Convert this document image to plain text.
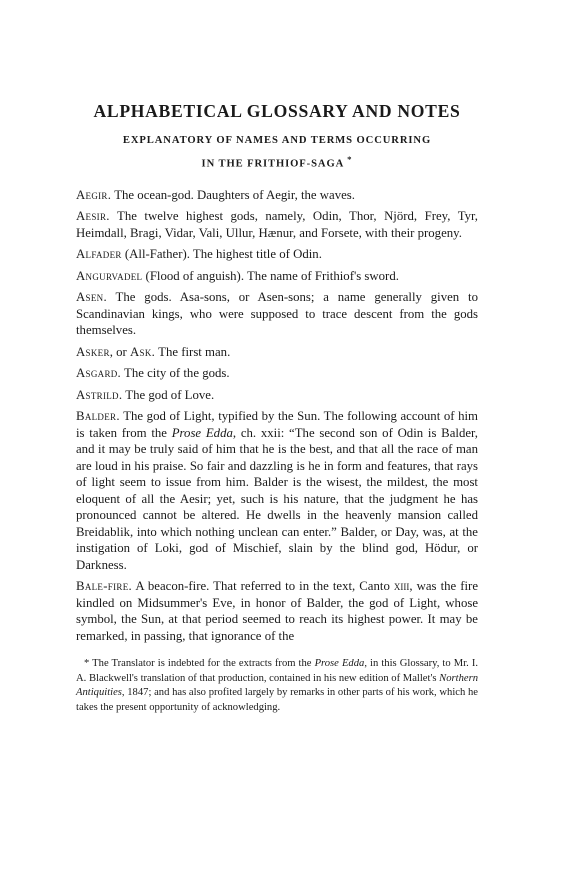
ALPHABETICAL GLOSSARY AND NOTES
EXPLANATORY OF NAMES AND TERMS OCCURRING
IN THE FRITHIOF-SAGA *

Aegir. The ocean-god. Daughters of Aegir, the waves.

Aesir. The twelve highest gods, namely, Odin, Thor, Njörd, Frey, Tyr, Heimdall, Bragi, Vidar, Vali, Ullur, Hænur, and Forsete, with their progeny.

Alfader (All-Father). The highest title of Odin.

Angurvadel (Flood of anguish). The name of Frithiof's sword.

Asen. The gods. Asa-sons, or Asen-sons; a name generally given to Scandinavian kings, who were supposed to trace descent from the gods themselves.

Asker, or Ask. The first man.

Asgard. The city of the gods.

Astrild. The god of Love.

Balder. The god of Light, typified by the Sun. The following account of him is taken from the Prose Edda, ch. xxii: “The second son of Odin is Balder, and it may be truly said of him that he is the best, and that all the race of man are loud in his praise. So fair and dazzling is he in form and features, that rays of light seem to issue from him. Balder is the wisest, the mildest, the most eloquent of all the Aesir; yet, such is his nature, that the judgment he has pronounced cannot be altered. He dwells in the heavenly mansion called Breidablik, into which nothing unclean can enter.” Balder, or Day, was, at the instigation of Loki, god of Mischief, slain by the blind god, Hödur, or Darkness.

Bale-fire. A beacon-fire. That referred to in the text, Canto xiii, was the fire kindled on Midsummer's Eve, in honor of Balder, the god of Light, whose symbol, the Sun, at that period seemed to reach its highest power. It may be remarked, in passing, that ignorance of the

* The Translator is indebted for the extracts from the Prose Edda, in this Glossary, to Mr. I. A. Blackwell's translation of that production, contained in his new edition of Mallet's Northern Antiquities, 1847; and has also profited largely by remarks in other parts of his work, which he takes the present opportunity of acknowledging.
